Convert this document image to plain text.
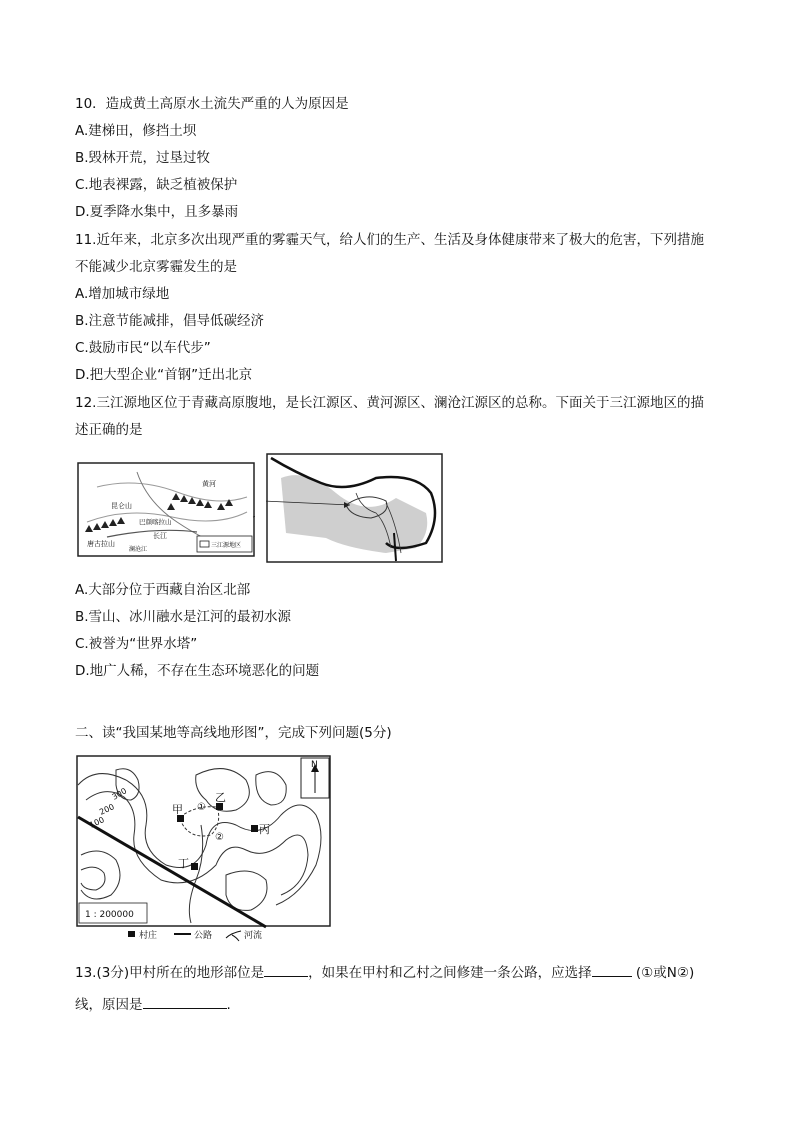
10．造成黄土高原水土流失严重的人为原因是
A.建梯田，修挡土坝
B.毁林开荒，过垦过牧
C.地表裸露，缺乏植被保护
D.夏季降水集中，且多暴雨
11.近年来，北京多次出现严重的雾霾天气，给人们的生产、生活及身体健康带来了极大的危害，下列措施
不能减少北京雾霾发生的是
A.增加城市绿地
B.注意节能减排，倡导低碳经济
C.鼓励市民“以车代步”
D.把大型企业“首钢”迁出北京
12.三江源地区位于青藏高原腹地，是长江源区、黄河源区、澜沧江源区的总称。下面关于三江源地区的描
述正确的是
昆仑山
巴颜喀拉山
唐古拉山
黄河
长江
澜沧江
三江源地区
A.大部分位于西藏自治区北部
B.雪山、冰川融水是江河的最初水源
C.被誉为“世界水塔”
D.地广人稀，不存在生态环境恶化的问题
二、读“我国某地等高线地形图”，完成下列问题(5分)
N
甲
乙
丙
丁
①
②
300
200
100
1 : 200000
村庄	公路	河流
13.(3分)甲村所在的地形部位是	，如果在甲村和乙村之间修建一条公路，应选择	(①或N②)
线，原因是	.
